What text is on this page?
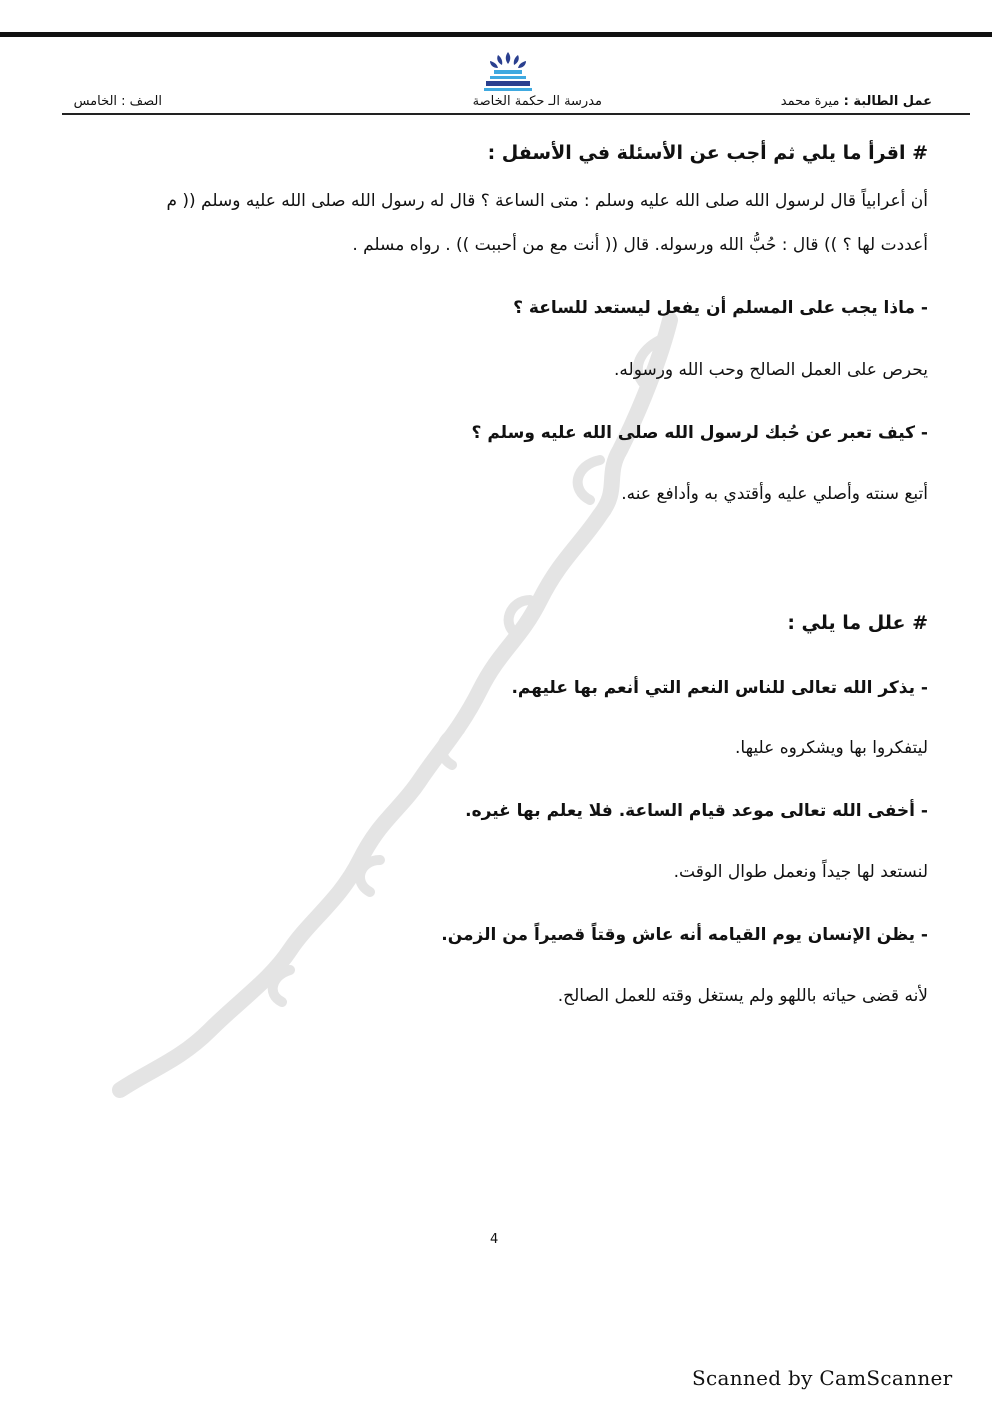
عمل الطالبة : ميرة محمد
مدرسة الـ حكمة الخاصة
الصف : الخامس
# اقرأ ما يلي ثم أجب عن الأسئلة في الأسفل :
أن أعرابياً قال لرسول الله صلى الله عليه وسلم : متى الساعة ؟ قال له رسول الله صلى الله عليه وسلم (( م
أعددت لها ؟ )) قال : حُبُّ الله ورسوله. قال (( أنت مع من أحببت )) . رواه مسلم .
- ماذا يجب على المسلم أن يفعل ليستعد للساعة ؟
يحرص على العمل الصالح وحب الله ورسوله.
- كيف تعبر عن حُبك لرسول الله صلى الله عليه وسلم ؟
أتبع سنته وأصلي عليه وأقتدي به وأدافع عنه.
# علل ما يلي :
- يذكر الله تعالى للناس النعم التي أنعم بها عليهم.
ليتفكروا بها ويشكروه عليها.
- أخفى الله تعالى موعد قيام الساعة. فلا يعلم بها غيره.
لنستعد لها جيداً ونعمل طوال الوقت.
- يظن الإنسان يوم القيامه أنه عاش وقتاً قصيراً من الزمن.
لأنه قضى حياته باللهو ولم يستغل وقته للعمل الصالح.
4
Scanned by CamScanner
